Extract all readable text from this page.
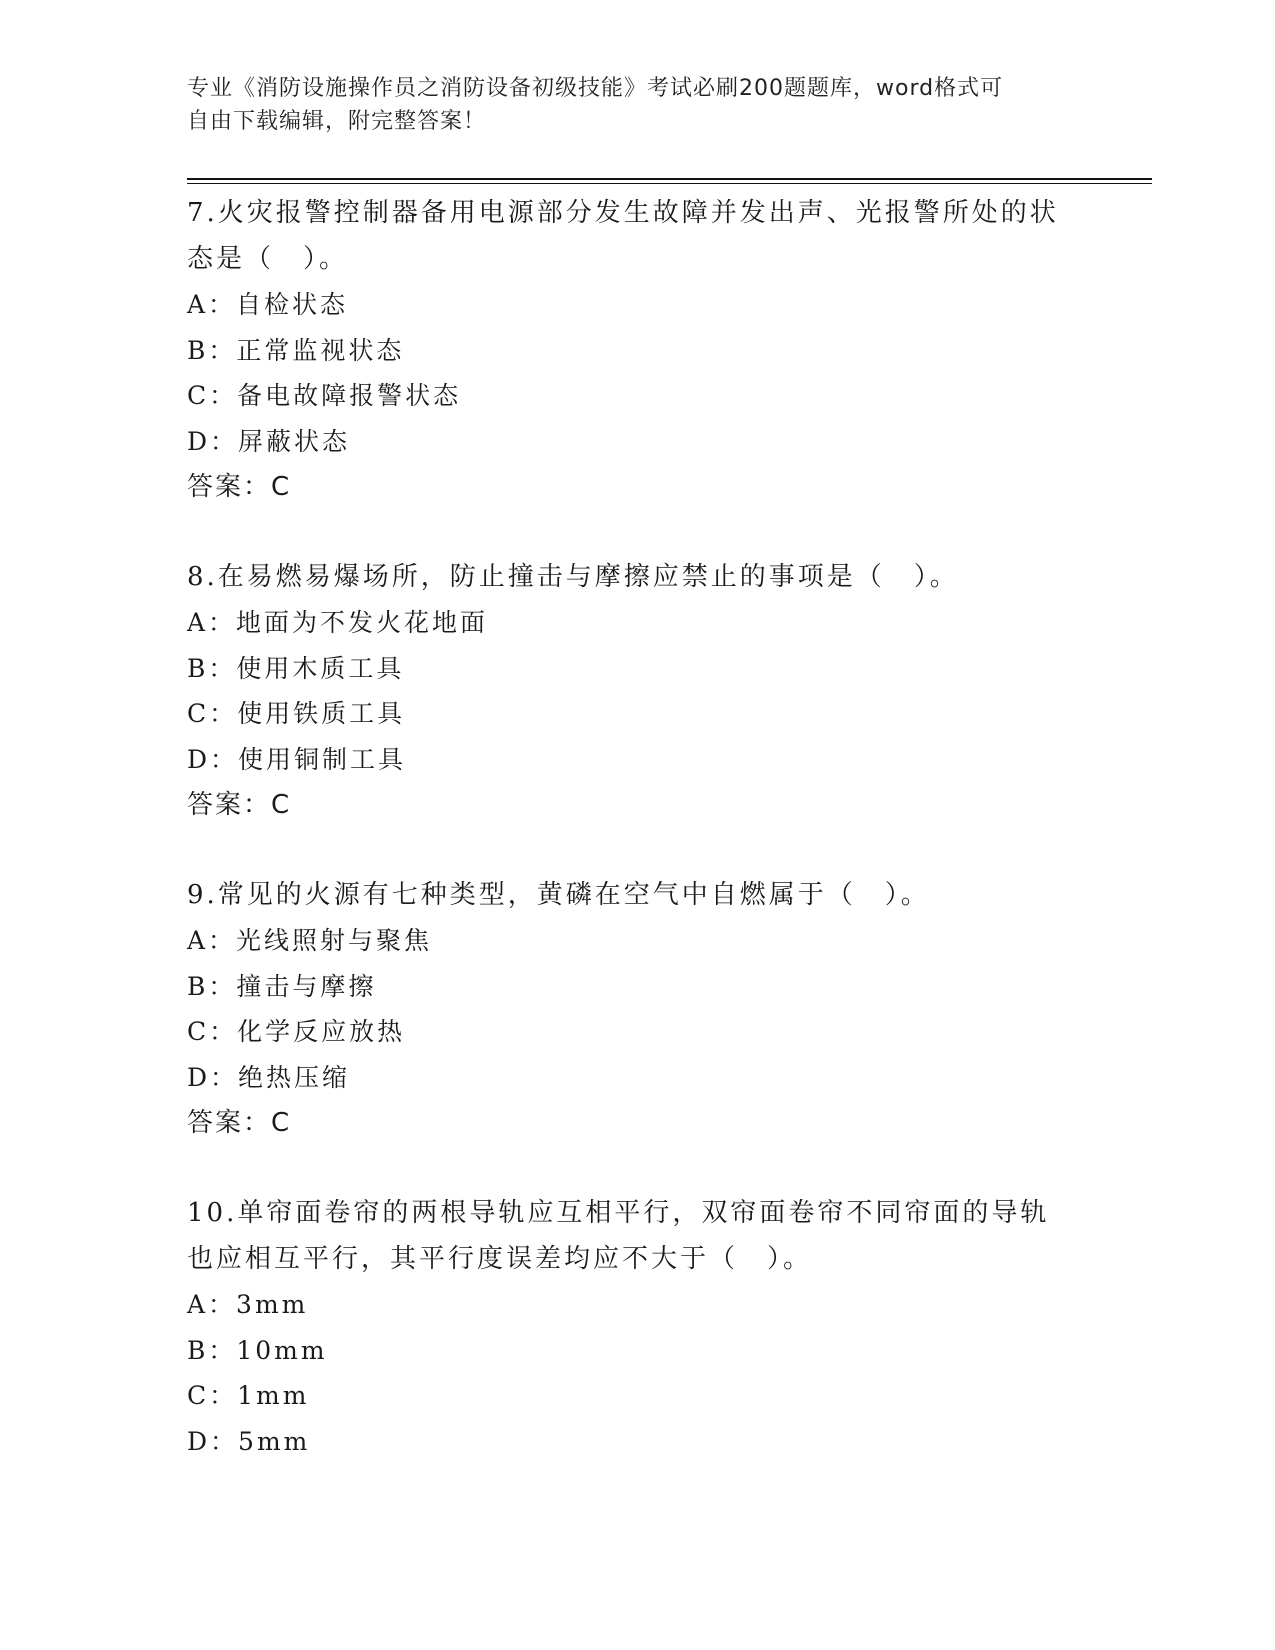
专业《消防设施操作员之消防设备初级技能》考试必刷200题题库，word格式可
自由下载编辑，附完整答案！

7.火灾报警控制器备用电源部分发生故障并发出声、光报警所处的状态是（　）。

A：自检状态

B：正常监视状态

C：备电故障报警状态

D：屏蔽状态

答案：C

8.在易燃易爆场所，防止撞击与摩擦应禁止的事项是（　）。

A：地面为不发火花地面

B：使用木质工具

C：使用铁质工具

D：使用铜制工具

答案：C

9.常见的火源有七种类型，黄磷在空气中自燃属于（　）。

A：光线照射与聚焦

B：撞击与摩擦

C：化学反应放热

D：绝热压缩

答案：C

10.单帘面卷帘的两根导轨应互相平行，双帘面卷帘不同帘面的导轨也应相互平行，其平行度误差均应不大于（　）。

A：3mm

B：10mm

C：1mm

D：5mm
